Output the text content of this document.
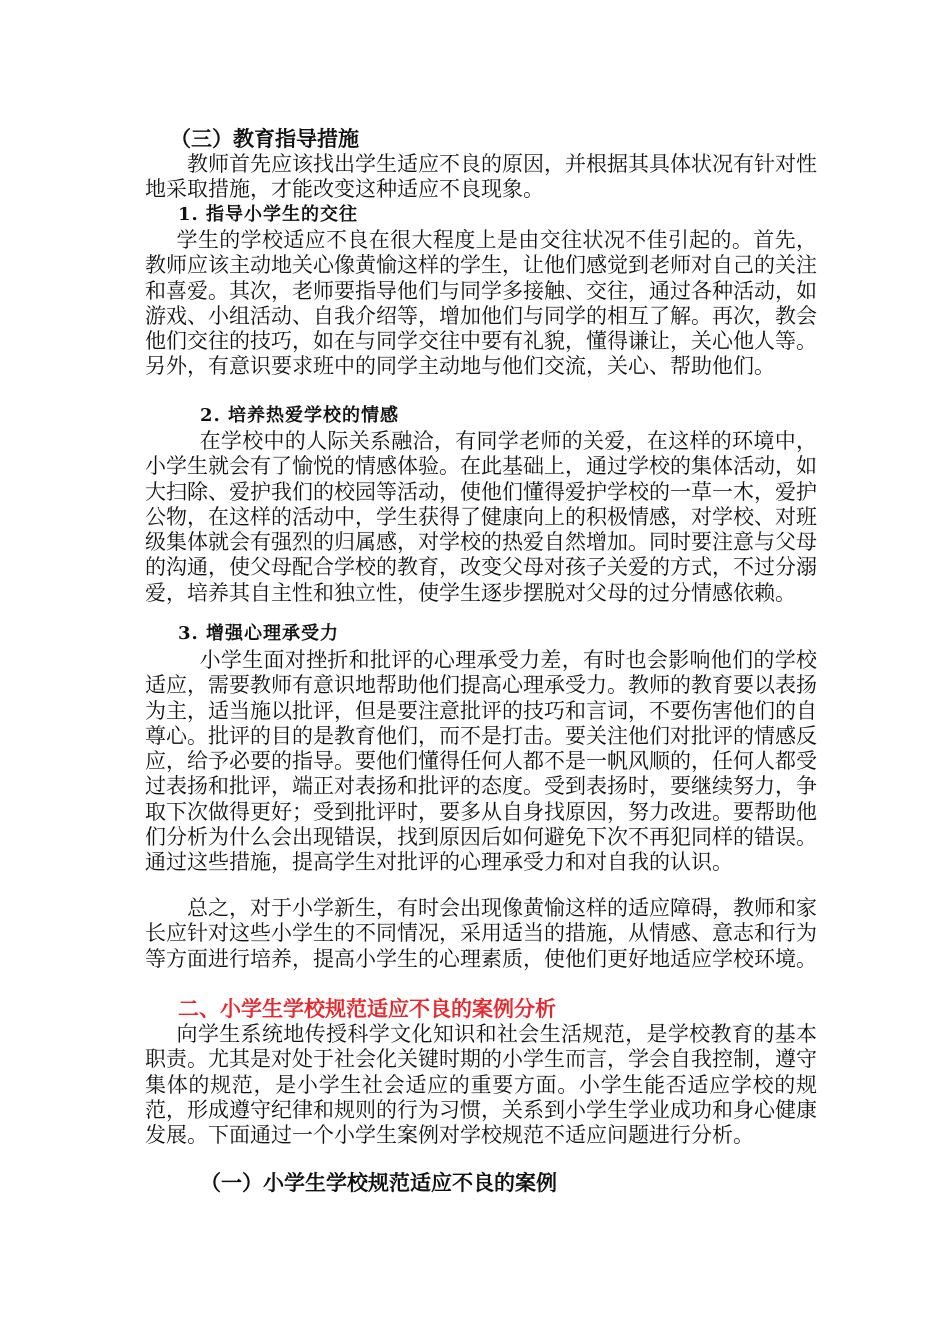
（三）教育指导措施

教师首先应该找出学生适应不良的原因，并根据其具体状况有针对性地采取措施，才能改变这种适应不良现象。

1. 指导小学生的交往

学生的学校适应不良在很大程度上是由交往状况不佳引起的。首先，教师应该主动地关心像黄愉这样的学生，让他们感觉到老师对自己的关注和喜爱。其次，老师要指导他们与同学多接触、交往，通过各种活动，如游戏、小组活动、自我介绍等，增加他们与同学的相互了解。再次，教会他们交往的技巧，如在与同学交往中要有礼貌，懂得谦让，关心他人等。另外，有意识要求班中的同学主动地与他们交流，关心、帮助他们。

2. 培养热爱学校的情感

在学校中的人际关系融洽，有同学老师的关爱，在这样的环境中，小学生就会有了愉悦的情感体验。在此基础上，通过学校的集体活动，如大扫除、爱护我们的校园等活动，使他们懂得爱护学校的一草一木，爱护公物，在这样的活动中，学生获得了健康向上的积极情感，对学校、对班级集体就会有强烈的归属感，对学校的热爱自然增加。同时要注意与父母的沟通，使父母配合学校的教育，改变父母对孩子关爱的方式，不过分溺爱，培养其自主性和独立性，使学生逐步摆脱对父母的过分情感依赖。

3. 增强心理承受力

小学生面对挫折和批评的心理承受力差，有时也会影响他们的学校适应，需要教师有意识地帮助他们提高心理承受力。教师的教育要以表扬为主，适当施以批评，但是要注意批评的技巧和言词，不要伤害他们的自尊心。批评的目的是教育他们，而不是打击。要关注他们对批评的情感反应，给予必要的指导。要他们懂得任何人都不是一帆风顺的，任何人都受过表扬和批评，端正对表扬和批评的态度。受到表扬时，要继续努力，争取下次做得更好；受到批评时，要多从自身找原因，努力改进。要帮助他们分析为什么会出现错误，找到原因后如何避免下次不再犯同样的错误。通过这些措施，提高学生对批评的心理承受力和对自我的认识。

总之，对于小学新生，有时会出现像黄愉这样的适应障碍，教师和家长应针对这些小学生的不同情况，采用适当的措施，从情感、意志和行为等方面进行培养，提高小学生的心理素质，使他们更好地适应学校环境。

二、小学生学校规范适应不良的案例分析

向学生系统地传授科学文化知识和社会生活规范，是学校教育的基本职责。尤其是对处于社会化关键时期的小学生而言，学会自我控制，遵守集体的规范，是小学生社会适应的重要方面。小学生能否适应学校的规范，形成遵守纪律和规则的行为习惯，关系到小学生学业成功和身心健康发展。下面通过一个小学生案例对学校规范不适应问题进行分析。

（一）小学生学校规范适应不良的案例
